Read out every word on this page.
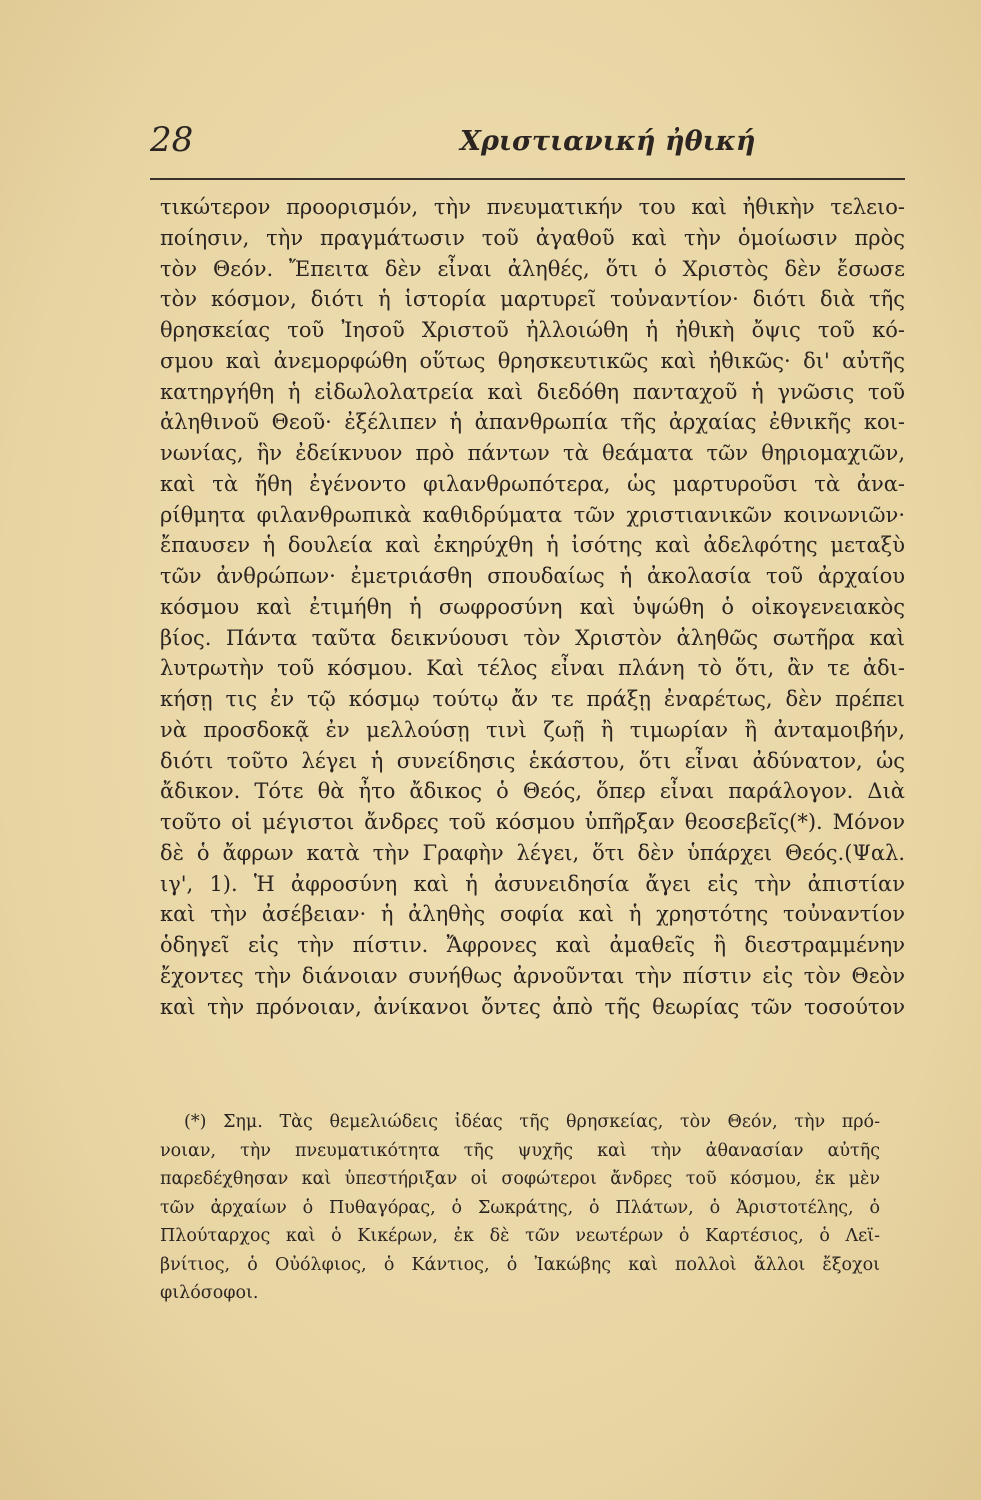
28	Χριστιανική ἠθική
τικώτερον προορισμόν, τὴν πνευματικήν του καὶ ἠθικὴν τελειο-
ποίησιν, τὴν πραγμάτωσιν τοῦ ἀγαθοῦ καὶ τὴν ὁμοίωσιν πρὸς
τὸν Θεόν. Ἔπειτα δὲν εἶναι ἀληθές, ὅτι ὁ Χριστὸς δὲν ἔσωσε
τὸν κόσμον, διότι ἡ ἱστορία μαρτυρεῖ τοὐναντίον· διότι διὰ τῆς
θρησκείας τοῦ Ἰησοῦ Χριστοῦ ἠλλοιώθη ἡ ἠθικὴ ὄψις τοῦ κό-
σμου καὶ ἀνεμορφώθη οὕτως θρησκευτικῶς καὶ ἠθικῶς· δι' αὐτῆς
κατηργήθη ἡ εἰδωλολατρεία καὶ διεδόθη πανταχοῦ ἡ γνῶσις τοῦ
ἀληθινοῦ Θεοῦ· ἐξέλιπεν ἡ ἀπανθρωπία τῆς ἀρχαίας ἐθνικῆς κοι-
νωνίας, ἣν ἐδείκνυον πρὸ πάντων τὰ θεάματα τῶν θηριομαχιῶν,
καὶ τὰ ἤθη ἐγένοντο φιλανθρωπότερα, ὡς μαρτυροῦσι τὰ ἀνα-
ρίθμητα φιλανθρωπικὰ καθιδρύματα τῶν χριστιανικῶν κοινωνιῶν·
ἔπαυσεν ἡ δουλεία καὶ ἐκηρύχθη ἡ ἰσότης καὶ ἀδελφότης μεταξὺ
τῶν ἀνθρώπων· ἐμετριάσθη σπουδαίως ἡ ἀκολασία τοῦ ἀρχαίου
κόσμου καὶ ἐτιμήθη ἡ σωφροσύνη καὶ ὑψώθη ὁ οἰκογενειακὸς
βίος. Πάντα ταῦτα δεικνύουσι τὸν Χριστὸν ἀληθῶς σωτῆρα καὶ
λυτρωτὴν τοῦ κόσμου. Καὶ τέλος εἶναι πλάνη τὸ ὅτι, ἂν τε ἀδι-
κήσῃ τις ἐν τῷ κόσμῳ τούτῳ ἄν τε πράξῃ ἐναρέτως, δὲν πρέπει
νὰ προσδοκᾷ ἐν μελλούσῃ τινὶ ζωῇ ἢ τιμωρίαν ἢ ἀνταμοιβήν,
διότι τοῦτο λέγει ἡ συνείδησις ἑκάστου, ὅτι εἶναι ἀδύνατον, ὡς
ἄδικον. Τότε θὰ ἦτο ἄδικος ὁ Θεός, ὅπερ εἶναι παράλογον. Διὰ
τοῦτο οἱ μέγιστοι ἄνδρες τοῦ κόσμου ὑπῆρξαν θεοσεβεῖς(*). Μόνον
δὲ ὁ ἄφρων κατὰ τὴν Γραφὴν λέγει, ὅτι δὲν ὑπάρχει Θεός.(Ψαλ.
ιγ', 1). Ἡ ἀφροσύνη καὶ ἡ ἀσυνειδησία ἄγει εἰς τὴν ἀπιστίαν
καὶ τὴν ἀσέβειαν· ἡ ἀληθὴς σοφία καὶ ἡ χρηστότης τοὐναντίον
ὁδηγεῖ εἰς τὴν πίστιν. Ἄφρονες καὶ ἀμαθεῖς ἢ διεστραμμένην
ἔχοντες τὴν διάνοιαν συνήθως ἀρνοῦνται τὴν πίστιν εἰς τὸν Θεὸν
καὶ τὴν πρόνοιαν, ἀνίκανοι ὄντες ἀπὸ τῆς θεωρίας τῶν τοσούτον
(*) Σημ. Τὰς θεμελιώδεις ἰδέας τῆς θρησκείας, τὸν Θεόν, τὴν πρό-
νοιαν, τὴν πνευματικότητα τῆς ψυχῆς καὶ τὴν ἀθανασίαν αὐτῆς
παρεδέχθησαν καὶ ὑπεστήριξαν οἱ σοφώτεροι ἄνδρες τοῦ κόσμου, ἐκ μὲν
τῶν ἀρχαίων ὁ Πυθαγόρας, ὁ Σωκράτης, ὁ Πλάτων, ὁ Ἀριστοτέλης, ὁ
Πλούταρχος καὶ ὁ Κικέρων, ἐκ δὲ τῶν νεωτέρων ὁ Καρτέσιος, ὁ Λεϊ-
βνίτιος, ὁ Οὐόλφιος, ὁ Κάντιος, ὁ Ἰακώβης καὶ πολλοὶ ἄλλοι ἔξοχοι
φιλόσοφοι.
